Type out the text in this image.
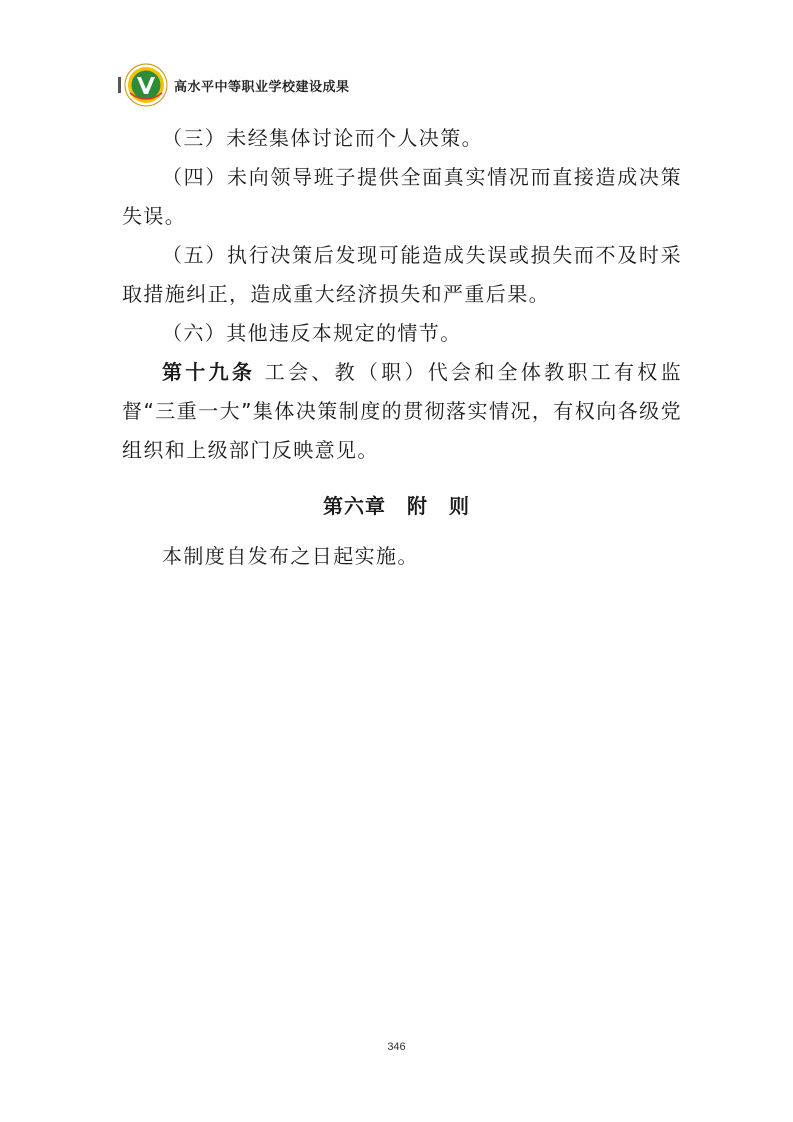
高水平中等职业学校建设成果

（三）未经集体讨论而个人决策。

（四）未向领导班子提供全面真实情况而直接造成决策失误。

（五）执行决策后发现可能造成失误或损失而不及时采取措施纠正，造成重大经济损失和严重后果。

（六）其他违反本规定的情节。

第十九条 工会、教（职）代会和全体教职工有权监督“三重一大”集体决策制度的贯彻落实情况，有权向各级党组织和上级部门反映意见。

第六章　附　则

本制度自发布之日起实施。

346
